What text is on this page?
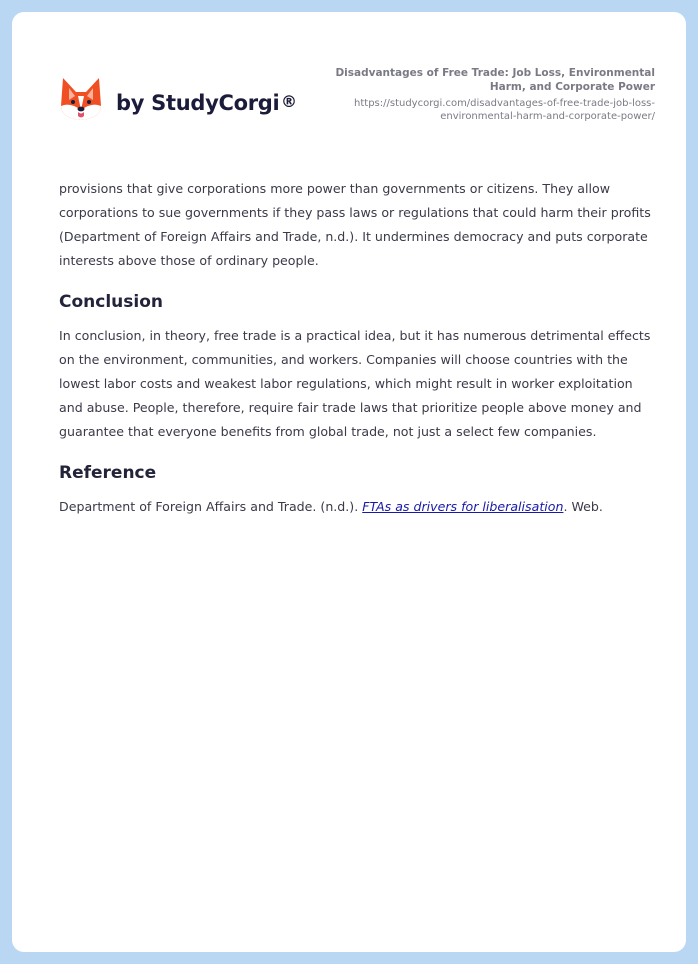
by StudyCorgi ®
Disadvantages of Free Trade: Job Loss, Environmental Harm, and Corporate Power
https://studycorgi.com/disadvantages-of-free-trade-job-loss-environmental-harm-and-corporate-power/

provisions that give corporations more power than governments or citizens. They allow corporations to sue governments if they pass laws or regulations that could harm their profits (Department of Foreign Affairs and Trade, n.d.). It undermines democracy and puts corporate interests above those of ordinary people.

Conclusion

In conclusion, in theory, free trade is a practical idea, but it has numerous detrimental effects on the environment, communities, and workers. Companies will choose countries with the lowest labor costs and weakest labor regulations, which might result in worker exploitation and abuse. People, therefore, require fair trade laws that prioritize people above money and guarantee that everyone benefits from global trade, not just a select few companies.

Reference

Department of Foreign Affairs and Trade. (n.d.). FTAs as drivers for liberalisation. Web.
